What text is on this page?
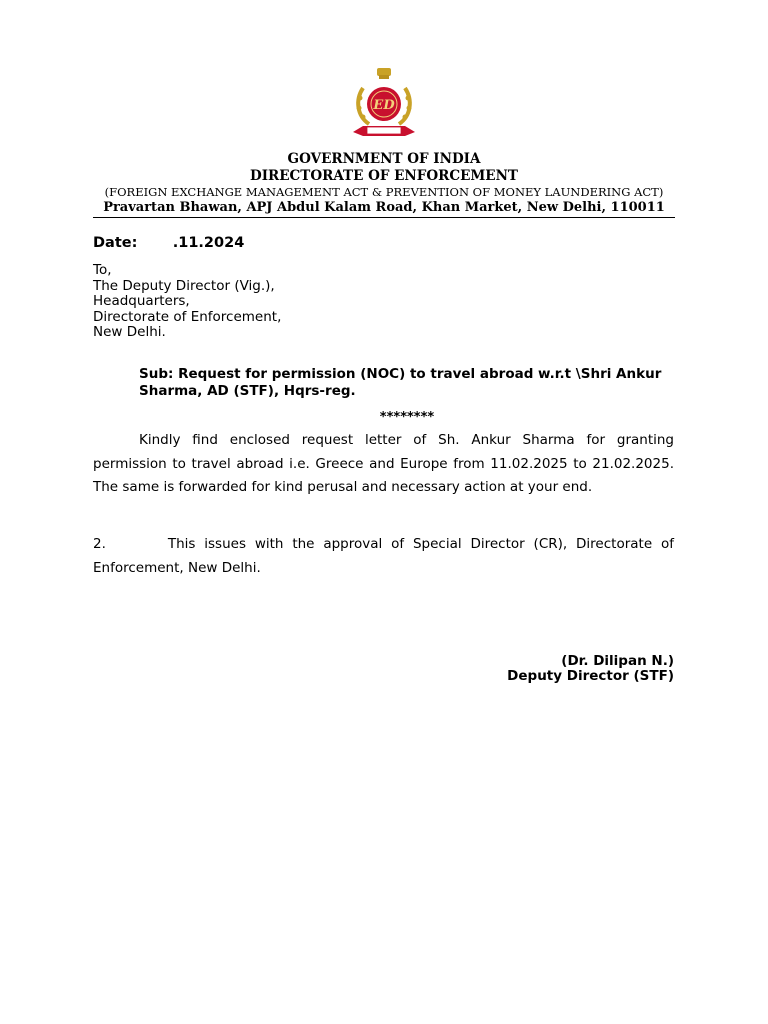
ED
GOVERNMENT OF INDIA
DIRECTORATE OF ENFORCEMENT
(FOREIGN EXCHANGE MANAGEMENT ACT & PREVENTION OF MONEY LAUNDERING ACT)
Pravartan Bhawan, APJ Abdul Kalam Road, Khan Market, New Delhi, 110011
Date: .11.2024
To,
The Deputy Director (Vig.),
Headquarters,
Directorate of Enforcement,
New Delhi.
Sub: Request for permission (NOC) to travel abroad w.r.t \Shri Ankur Sharma, AD (STF), Hqrs-reg.
********
Kindly find enclosed request letter of Sh. Ankur Sharma for granting permission to travel abroad i.e. Greece and Europe from 11.02.2025 to 21.02.2025. The same is forwarded for kind perusal and necessary action at your end.
2.       This issues with the approval of Special Director (CR), Directorate of Enforcement, New Delhi.
(Dr. Dilipan N.)
Deputy Director (STF)
